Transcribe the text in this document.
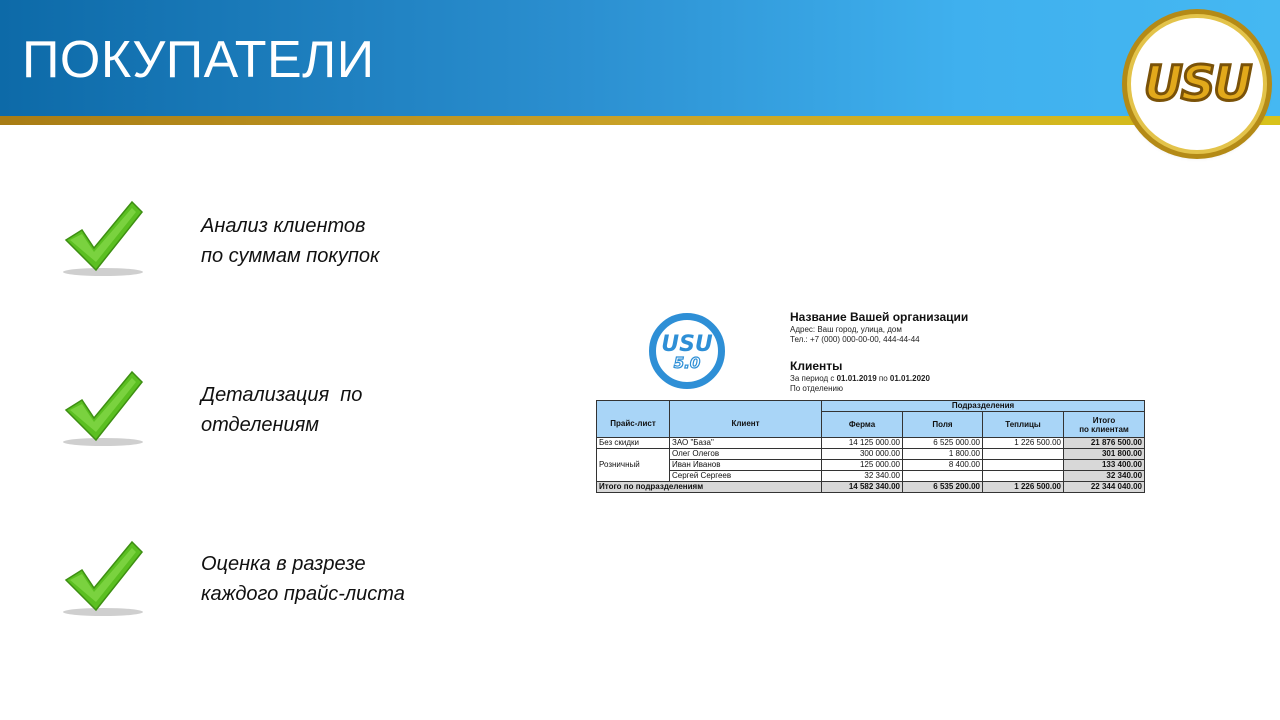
ПОКУПАТЕЛИ	USU
Анализ клиентов
по суммам покупок
Детализация  по
отделениям
Оценка в разрезе
каждого прайс-листа
USU
5.0
Название Вашей организации
Адрес: Ваш город, улица, дом
Тел.: +7 (000) 000-00-00, 444-44-44
Клиенты
За период с 01.01.2019 по 01.01.2020
По отделению
		Подразделения			
Прайс-лист	Клиент	Ферма	Поля	Теплицы	Итого
по клиентам

Без скидки	ЗАО "База"	14 125 000.00	6 525 000.00	1 226 500.00	21 876 500.00
Розничный	Олег Олегов	300 000.00	1 800.00		301 800.00
	Иван Иванов	125 000.00	8 400.00		133 400.00
	Сергей Сергеев	32 340.00			32 340.00
Итого по подразделениям		14 582 340.00	6 535 200.00	1 226 500.00	22 344 040.00
